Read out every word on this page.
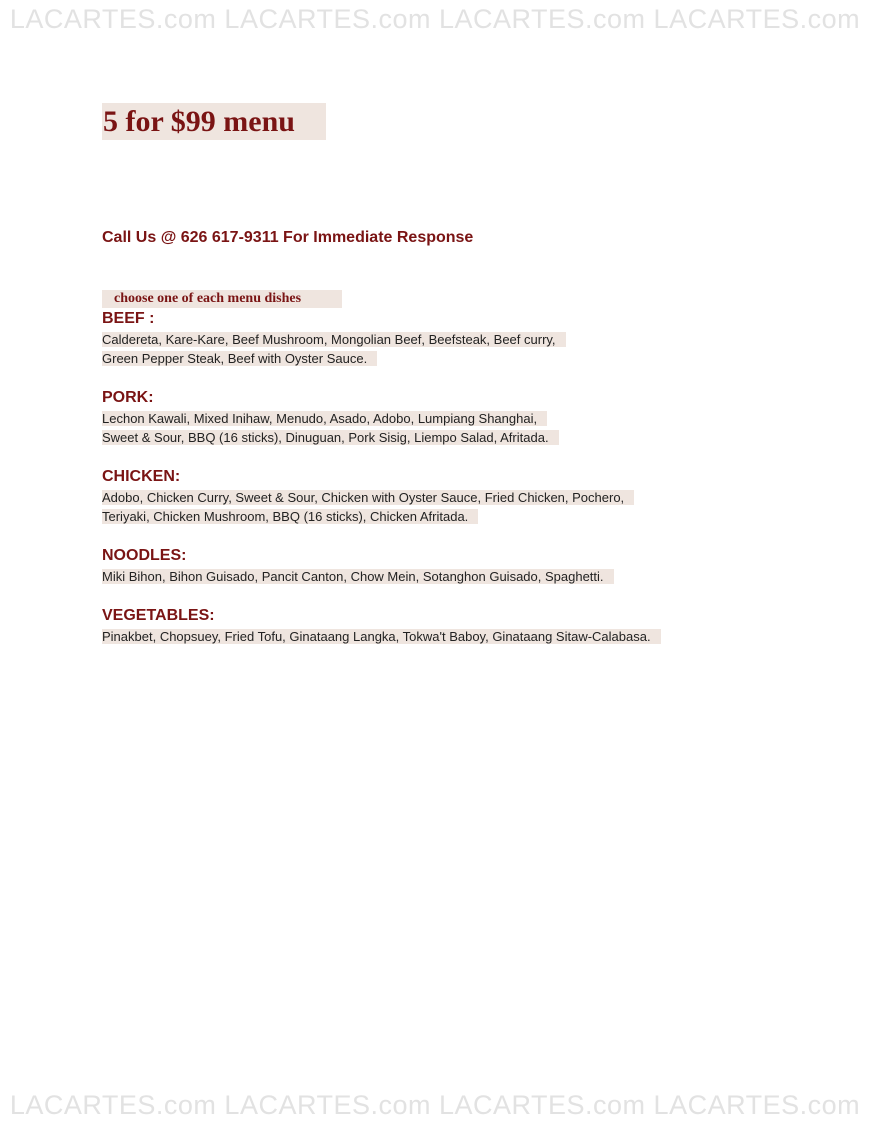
LACARTES.com LACARTES.com LACARTES.com LACARTES.com
5 for $99 menu
Call Us @ 626 617-9311 For Immediate Response
choose one of each menu dishes
BEEF :
Caldereta, Kare-Kare, Beef Mushroom, Mongolian Beef, Beefsteak, Beef curry,
Green Pepper Steak, Beef with Oyster Sauce.
PORK:
Lechon Kawali, Mixed Inihaw, Menudo, Asado, Adobo, Lumpiang Shanghai,
Sweet & Sour, BBQ (16 sticks), Dinuguan, Pork Sisig, Liempo Salad, Afritada.
CHICKEN:
Adobo, Chicken Curry, Sweet & Sour, Chicken with Oyster Sauce, Fried Chicken, Pochero,
Teriyaki, Chicken Mushroom, BBQ (16 sticks), Chicken Afritada.
NOODLES:
Miki Bihon, Bihon Guisado, Pancit Canton, Chow Mein, Sotanghon Guisado, Spaghetti.
VEGETABLES:
Pinakbet, Chopsuey, Fried Tofu, Ginataang Langka, Tokwa't Baboy, Ginataang Sitaw-Calabasa.
LACARTES.com LACARTES.com LACARTES.com LACARTES.com
